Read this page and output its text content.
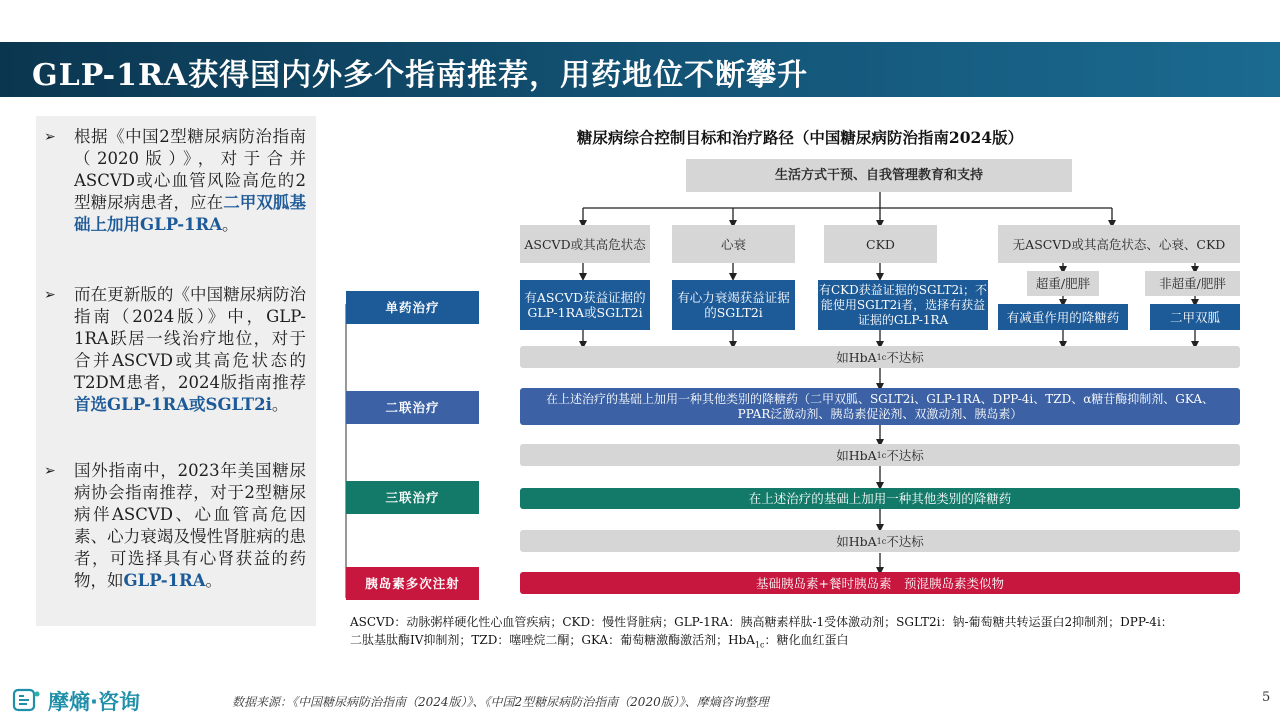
GLP-1RA获得国内外多个指南推荐，用药地位不断攀升
➢ 根据《中国2型糖尿病防治指南（2020版）》，对于合并ASCVD或心血管风险高危的2型糖尿病患者，应在二甲双胍基础上加用GLP-1RA。
➢ 而在更新版的《中国糖尿病防治指南（2024版）》中，GLP-1RA跃居一线治疗地位，对于合并ASCVD或其高危状态的T2DM患者，2024版指南推荐首选GLP-1RA或SGLT2i。
➢ 国外指南中，2023年美国糖尿病协会指南推荐，对于2型糖尿病伴ASCVD、心血管高危因素、心力衰竭及慢性肾脏病的患者，可选择具有心肾获益的药物，如GLP-1RA。
糖尿病综合控制目标和治疗路径（中国糖尿病防治指南2024版）
生活方式干预、自我管理教育和支持
ASCVD或其高危状态	心衰	CKD	无ASCVD或其高危状态、心衰、CKD
超重/肥胖	非超重/肥胖
单药治疗
二联治疗
三联治疗
胰岛素多次注射
有ASCVD获益证据的GLP-1RA或SGLT2i
有心力衰竭获益证据的SGLT2i
有CKD获益证据的SGLT2i；不能使用SGLT2i者，选择有获益证据的GLP-1RA	有减重作用的降糖药	二甲双胍
如HbA 1c 不达标
如HbA 1c 不达标
如HbA 1c 不达标
在上述治疗的基础上加用一种其他类别的降糖药（二甲双胍、SGLT2i、GLP-1RA、DPP-4i、TZD、α糖苷酶抑制剂、GKA、PPAR泛激动剂、胰岛素促泌剂、双激动剂、胰岛素）
在上述治疗的基础上加用一种其他类别的降糖药
基础胰岛素+餐时胰岛素　预混胰岛素类似物
ASCVD：动脉粥样硬化性心血管疾病；CKD：慢性肾脏病；GLP-1RA：胰高糖素样肽-1受体激动剂；SGLT2i：钠-葡萄糖共转运蛋白2抑制剂；DPP-4i：
二肽基肽酶IV抑制剂；TZD：噻唑烷二酮；GKA：葡萄糖激酶激活剂；HbA$_{1c}$：糖化血红蛋白
摩熵·咨询	数据来源：《中国糖尿病防治指南（2024版）》、《中国2型糖尿病防治指南（2020版）》、摩熵咨询整理	5
